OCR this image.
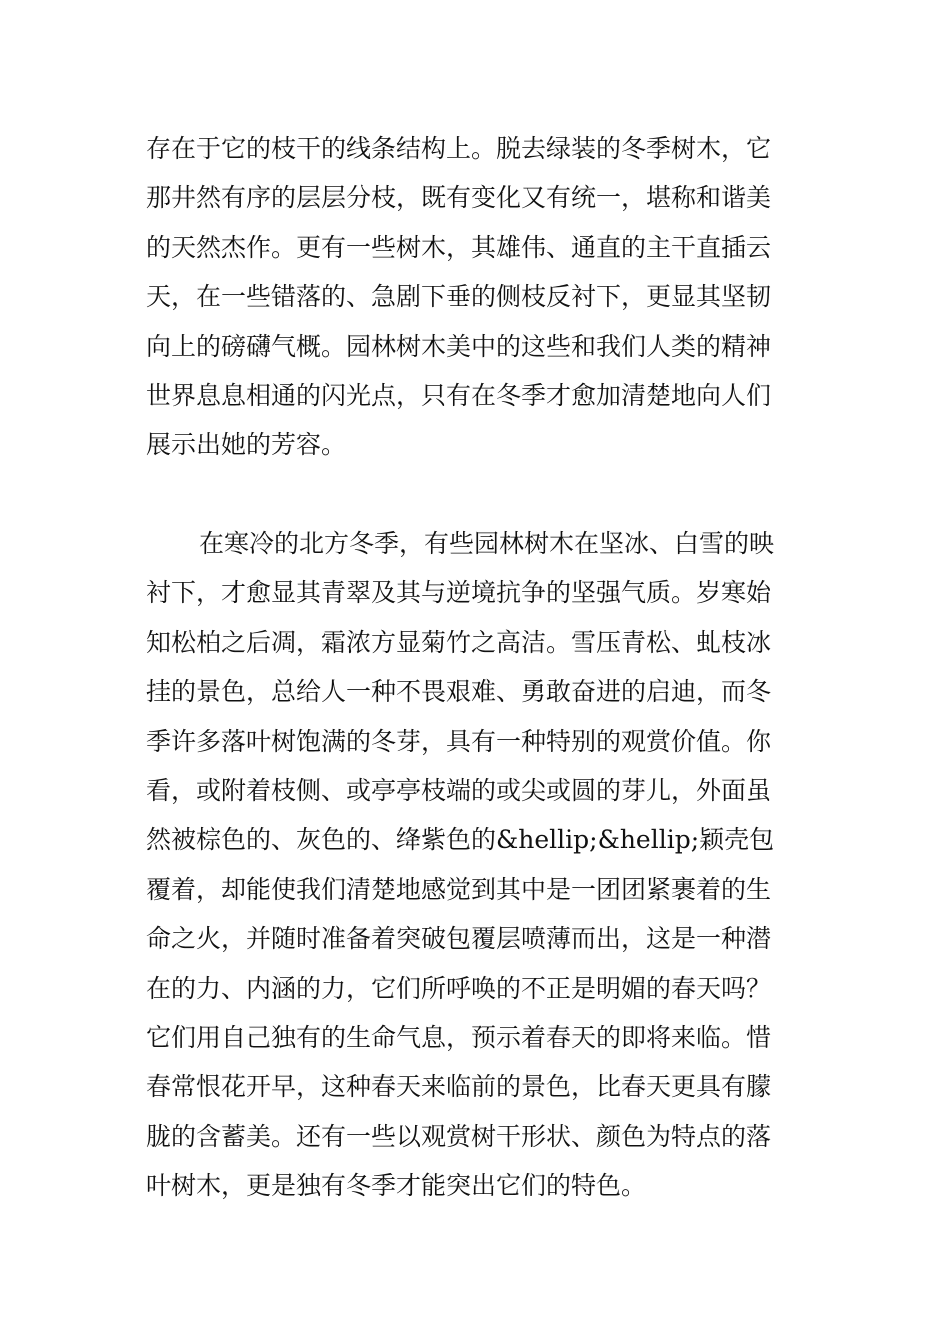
存在于它的枝干的线条结构上。脱去绿装的冬季树木，它
那井然有序的层层分枝，既有变化又有统一，堪称和谐美
的天然杰作。更有一些树木，其雄伟、通直的主干直插云
天，在一些错落的、急剧下垂的侧枝反衬下，更显其坚韧
向上的磅礴气概。园林树木美中的这些和我们人类的精神
世界息息相通的闪光点，只有在冬季才愈加清楚地向人们
展示出她的芳容。
在寒冷的北方冬季，有些园林树木在坚冰、白雪的映
衬下，才愈显其青翠及其与逆境抗争的坚强气质。岁寒始
知松柏之后凋，霜浓方显菊竹之高洁。雪压青松、虬枝冰
挂的景色，总给人一种不畏艰难、勇敢奋进的启迪，而冬
季许多落叶树饱满的冬芽，具有一种特别的观赏价值。你
看，或附着枝侧、或亭亭枝端的或尖或圆的芽儿，外面虽
然被棕色的、灰色的、绛紫色的&hellip;&hellip;颖壳包
覆着，却能使我们清楚地感觉到其中是一团团紧裹着的生
命之火，并随时准备着突破包覆层喷薄而出，这是一种潜
在的力、内涵的力，它们所呼唤的不正是明媚的春天吗？
它们用自己独有的生命气息，预示着春天的即将来临。惜
春常恨花开早，这种春天来临前的景色，比春天更具有朦
胧的含蓄美。还有一些以观赏树干形状、颜色为特点的落
叶树木，更是独有冬季才能突出它们的特色。
